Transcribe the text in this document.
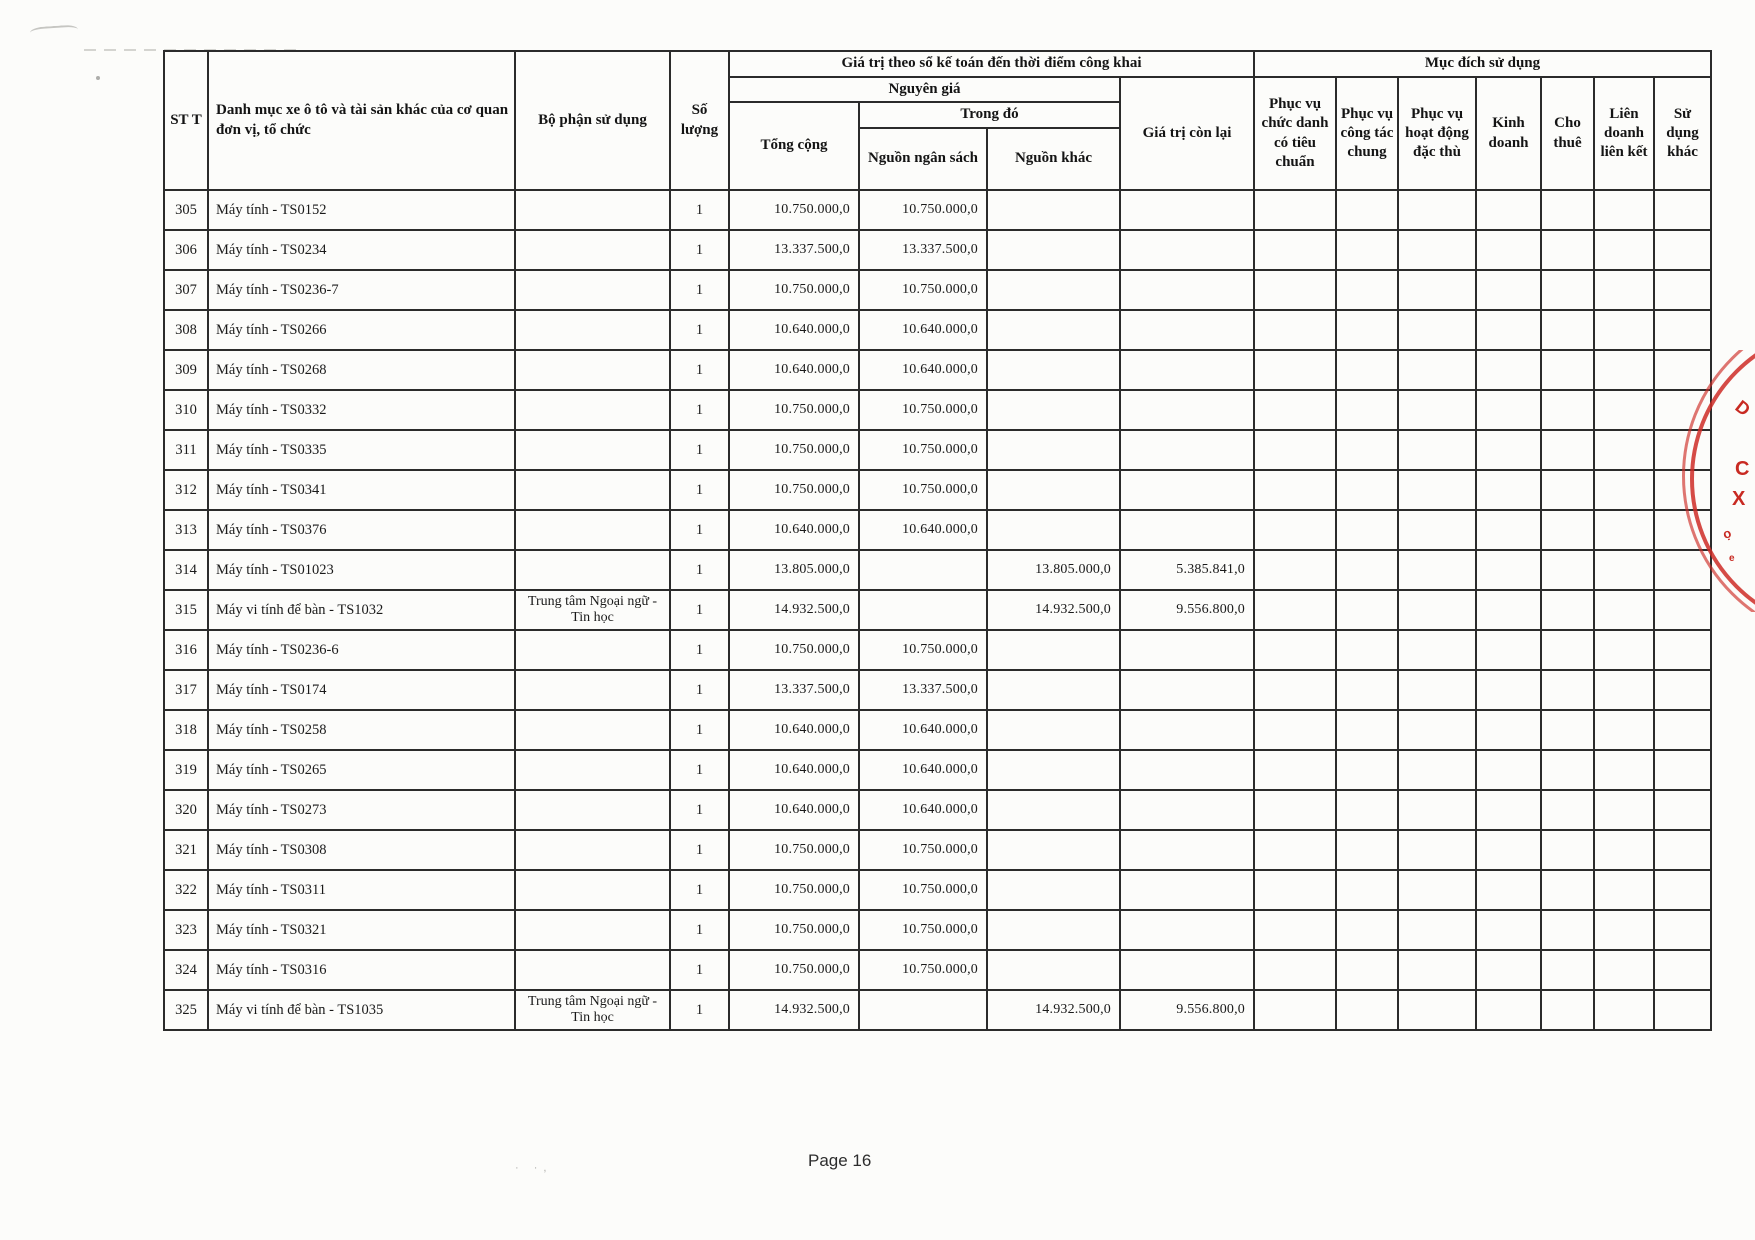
· ·,
ST T	Danh mục xe ô tô và tài sản khác của cơ quan đơn vị, tổ chức	Bộ phận sử dụng	Số lượng	Giá trị theo sổ kế toán đến thời điểm công khai				Mục đích sử dụng						
				Nguyên giá			Giá trị còn lại	Phục vụ chức danh có tiêu chuẩn	Phục vụ công tác chung	Phục vụ hoạt động đặc thù	Kinh doanh	Cho thuê	Liên doanh liên kết	Sử dụng khác
				Tổng cộng	Trong đó									
					Nguồn ngân sách	Nguồn khác								
305	Máy tính - TS0152		1	10.750.000,0	10.750.000,0									
306	Máy tính - TS0234		1	13.337.500,0	13.337.500,0									
307	Máy tính - TS0236-7		1	10.750.000,0	10.750.000,0									
308	Máy tính - TS0266		1	10.640.000,0	10.640.000,0									
309	Máy tính - TS0268		1	10.640.000,0	10.640.000,0									
310	Máy tính - TS0332		1	10.750.000,0	10.750.000,0									
311	Máy tính - TS0335		1	10.750.000,0	10.750.000,0									
312	Máy tính - TS0341		1	10.750.000,0	10.750.000,0									
313	Máy tính - TS0376		1	10.640.000,0	10.640.000,0									
314	Máy tính - TS01023		1	13.805.000,0		13.805.000,0	5.385.841,0							
315	Máy vi tính để bàn - TS1032	Trung tâm Ngoại ngữ - Tin học	1	14.932.500,0		14.932.500,0	9.556.800,0							
316	Máy tính - TS0236-6		1	10.750.000,0	10.750.000,0									
317	Máy tính - TS0174		1	13.337.500,0	13.337.500,0									
318	Máy tính - TS0258		1	10.640.000,0	10.640.000,0									
319	Máy tính - TS0265		1	10.640.000,0	10.640.000,0									
320	Máy tính - TS0273		1	10.640.000,0	10.640.000,0									
321	Máy tính - TS0308		1	10.750.000,0	10.750.000,0									
322	Máy tính - TS0311		1	10.750.000,0	10.750.000,0									
323	Máy tính - TS0321		1	10.750.000,0	10.750.000,0									
324	Máy tính - TS0316		1	10.750.000,0	10.750.000,0									
325	Máy vi tính để bàn - TS1035	Trung tâm Ngoại ngữ - Tin học	1	14.932.500,0		14.932.500,0	9.556.800,0							
Page 16
D
C
X
ọ
e
